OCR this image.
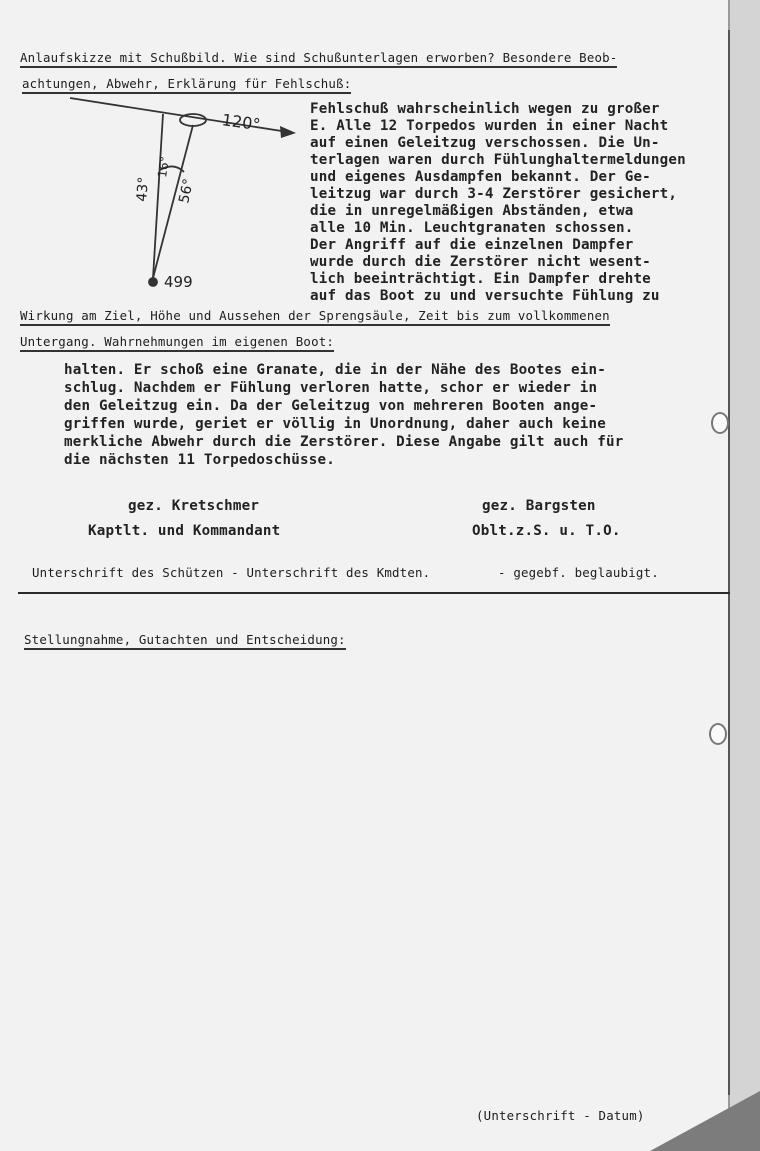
Anlaufskizze mit Schußbild. Wie sind Schußunterlagen erworben? Besondere Beob-
achtungen, Abwehr, Erklärung für Fehlschuß:
120°
43°
16°
56°
499
Fehlschuß wahrscheinlich wegen zu großer
E. Alle 12 Torpedos wurden in einer Nacht
auf einen Geleitzug verschossen. Die Un-
terlagen waren durch Fühlunghaltermeldungen
und eigenes Ausdampfen bekannt. Der Ge-
leitzug war durch 3-4 Zerstörer gesichert,
die in unregelmäßigen Abständen, etwa
alle 10 Min. Leuchtgranaten schossen.
Der Angriff auf die einzelnen Dampfer
wurde durch die Zerstörer nicht wesent-
lich beeinträchtigt. Ein Dampfer drehte
auf das Boot zu und versuchte Fühlung zu
Wirkung am Ziel, Höhe und Aussehen der Sprengsäule, Zeit bis zum vollkommenen
Untergang. Wahrnehmungen im eigenen Boot:
halten. Er schoß eine Granate, die in der Nähe des Bootes ein-
schlug. Nachdem er Fühlung verloren hatte, schor er wieder in
den Geleitzug ein. Da der Geleitzug von mehreren Booten ange-
griffen wurde, geriet er völlig in Unordnung, daher auch keine
merkliche Abwehr durch die Zerstörer. Diese Angabe gilt auch für
die nächsten 11 Torpedoschüsse.
gez. Kretschmer
Kaptlt. und Kommandant
gez. Bargsten
Oblt.z.S. u. T.O.
Unterschrift des Schützen - Unterschrift des Kmdten.	- gegebf. beglaubigt.
Stellungnahme, Gutachten und Entscheidung:
(Unterschrift - Datum)
